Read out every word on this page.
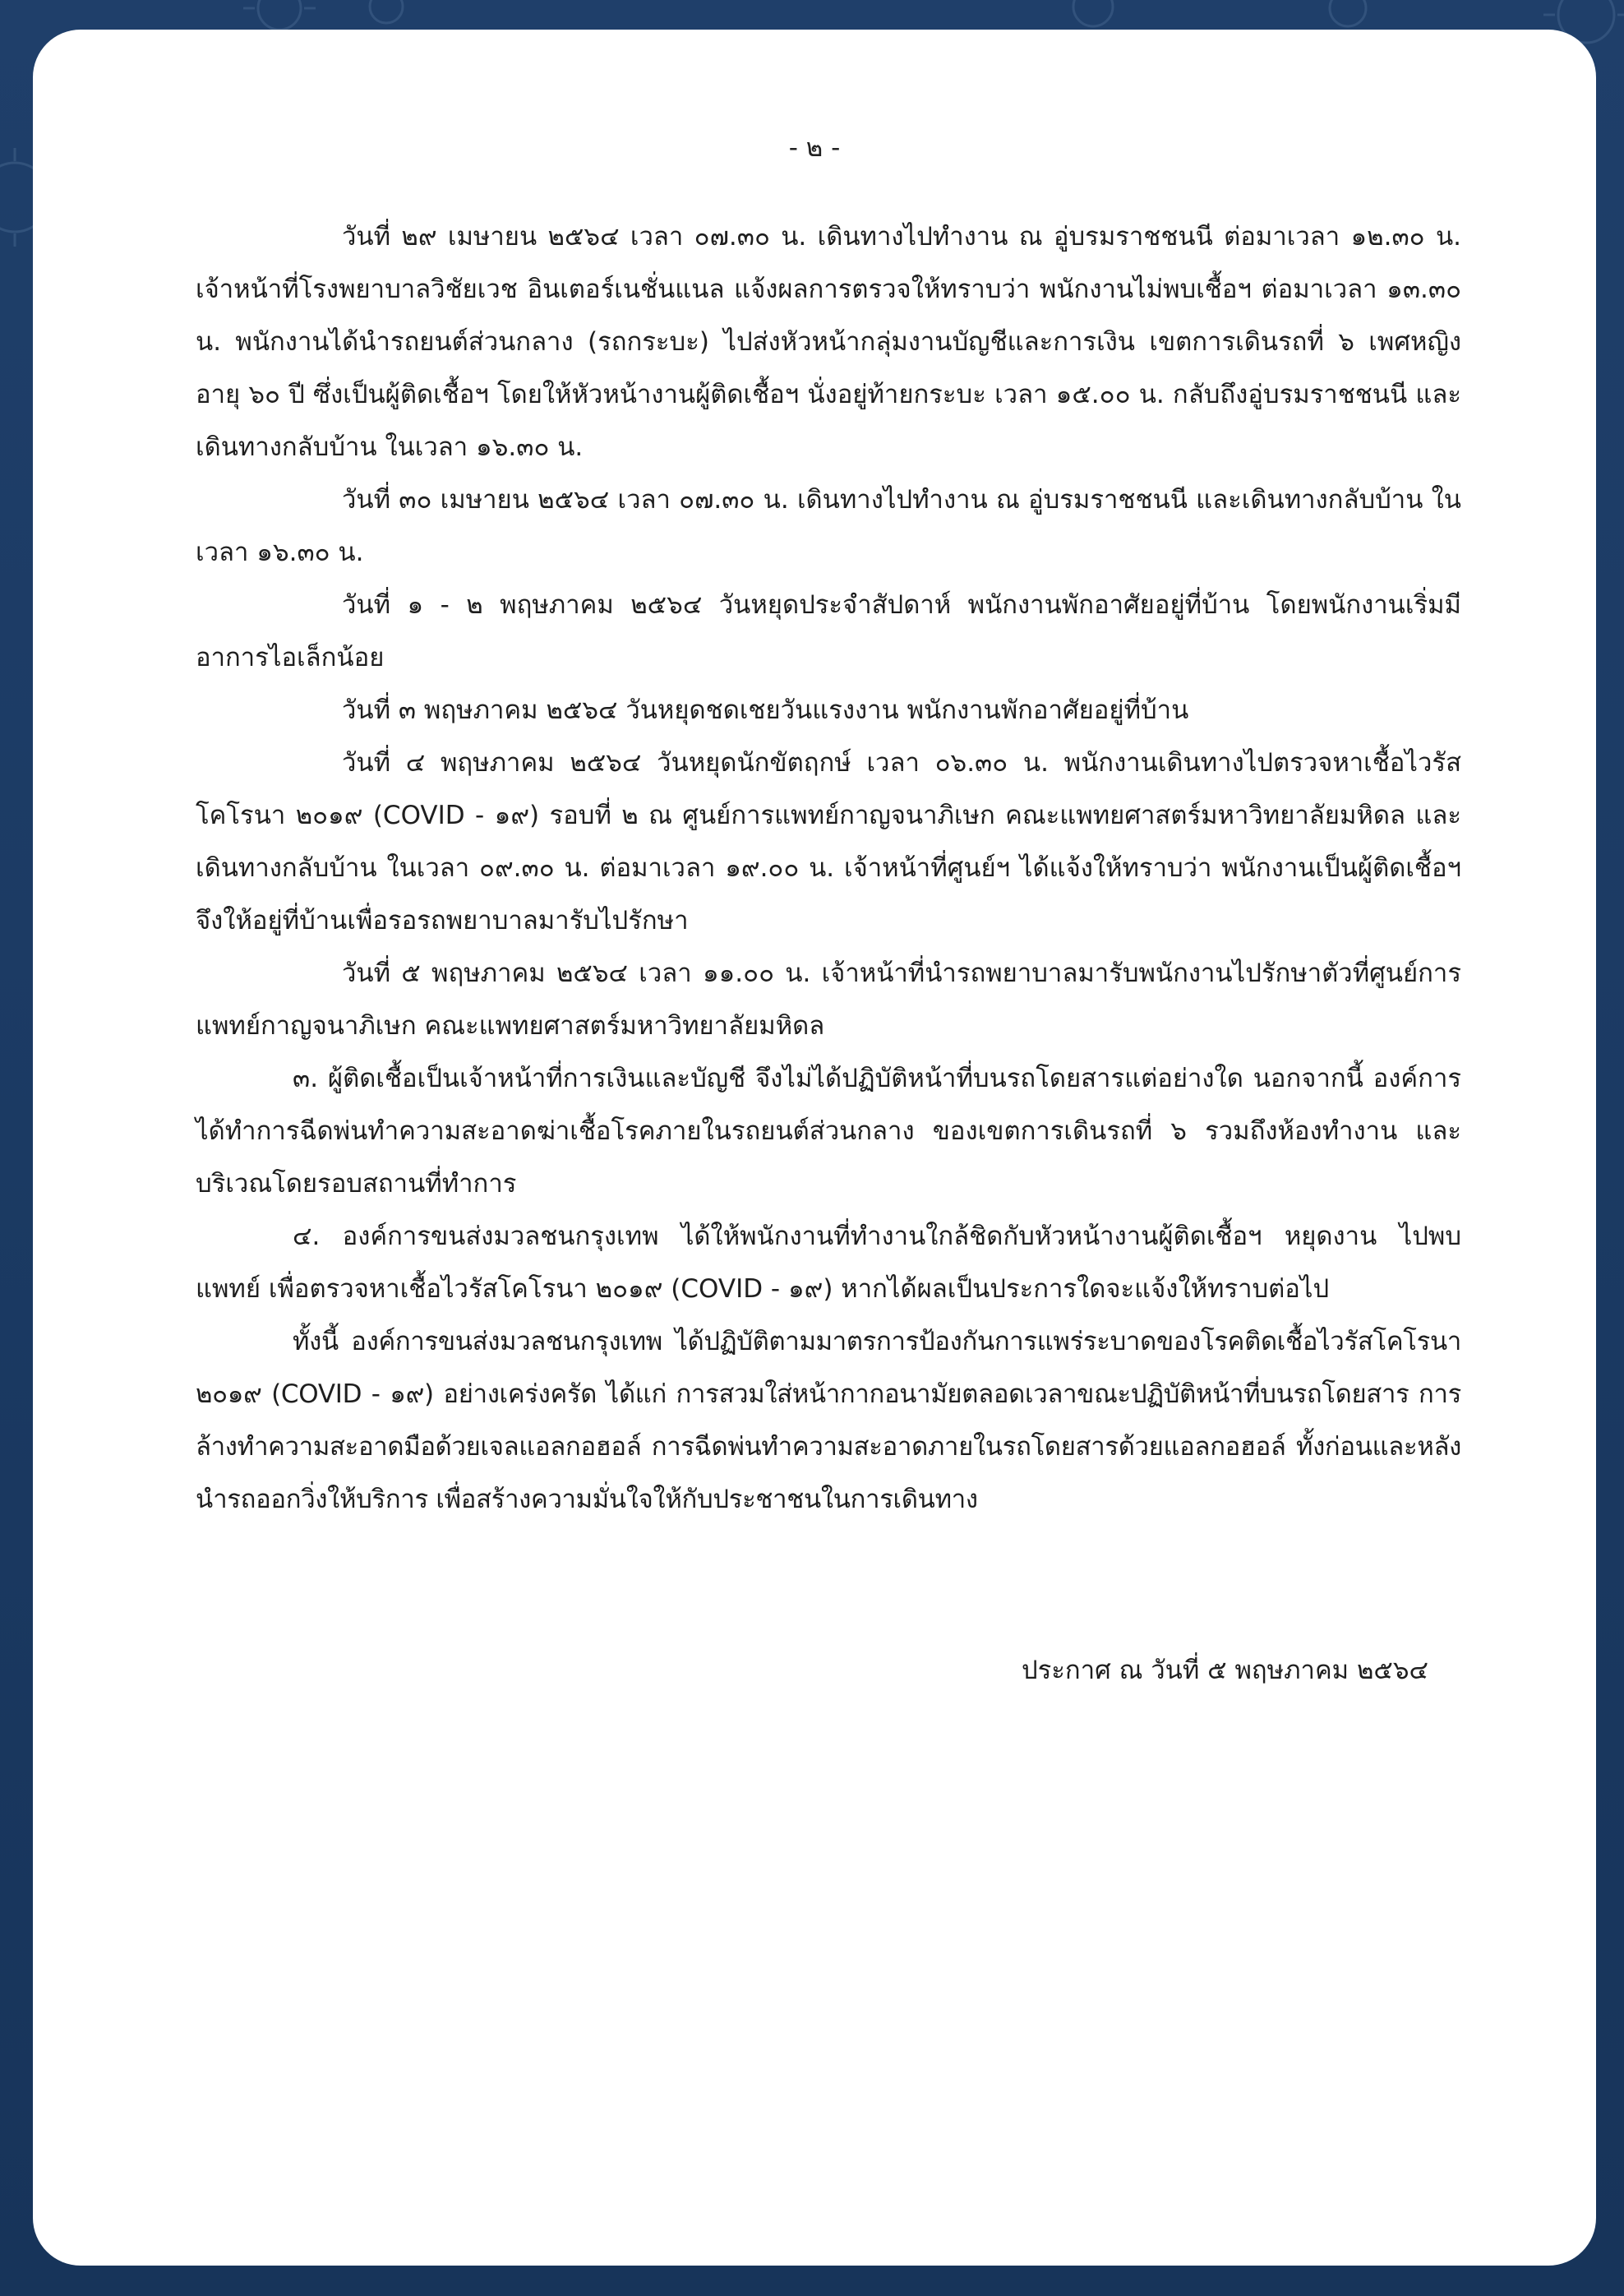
- ๒ -

วันที่ ๒๙ เมษายน ๒๕๖๔ เวลา ๐๗.๓๐ น. เดินทางไปทำงาน ณ อู่บรมราชชนนี ต่อมาเวลา ๑๒.๓๐ น. เจ้าหน้าที่โรงพยาบาลวิชัยเวช อินเตอร์เนชั่นแนล แจ้งผลการตรวจให้ทราบว่า พนักงานไม่พบเชื้อฯ ต่อมาเวลา ๑๓.๓๐ น. พนักงานได้นำรถยนต์ส่วนกลาง (รถกระบะ) ไปส่งหัวหน้ากลุ่มงานบัญชีและการเงิน เขตการเดินรถที่ ๖ เพศหญิง อายุ ๖๐ ปี ซึ่งเป็นผู้ติดเชื้อฯ โดยให้หัวหน้างานผู้ติดเชื้อฯ นั่งอยู่ท้ายกระบะ เวลา ๑๕.๐๐ น. กลับถึงอู่บรมราชชนนี และเดินทางกลับบ้าน ในเวลา ๑๖.๓๐ น.

วันที่ ๓๐ เมษายน ๒๕๖๔ เวลา ๐๗.๓๐ น. เดินทางไปทำงาน ณ อู่บรมราชชนนี และเดินทางกลับบ้าน ในเวลา ๑๖.๓๐ น.

วันที่ ๑ - ๒ พฤษภาคม ๒๕๖๔ วันหยุดประจำสัปดาห์ พนักงานพักอาศัยอยู่ที่บ้าน โดยพนักงานเริ่มมีอาการไอเล็กน้อย

วันที่ ๓ พฤษภาคม ๒๕๖๔ วันหยุดชดเชยวันแรงงาน พนักงานพักอาศัยอยู่ที่บ้าน

วันที่ ๔ พฤษภาคม ๒๕๖๔ วันหยุดนักขัตฤกษ์ เวลา ๐๖.๓๐ น. พนักงานเดินทางไปตรวจหาเชื้อไวรัสโคโรนา ๒๐๑๙ (COVID - ๑๙) รอบที่ ๒ ณ ศูนย์การแพทย์กาญจนาภิเษก คณะแพทยศาสตร์มหาวิทยาลัยมหิดล และเดินทางกลับบ้าน ในเวลา ๐๙.๓๐ น. ต่อมาเวลา ๑๙.๐๐ น. เจ้าหน้าที่ศูนย์ฯ ได้แจ้งให้ทราบว่า พนักงานเป็นผู้ติดเชื้อฯ จึงให้อยู่ที่บ้านเพื่อรอรถพยาบาลมารับไปรักษา

วันที่ ๕ พฤษภาคม ๒๕๖๔ เวลา ๑๑.๐๐ น. เจ้าหน้าที่นำรถพยาบาลมารับพนักงานไปรักษาตัวที่ศูนย์การแพทย์กาญจนาภิเษก คณะแพทยศาสตร์มหาวิทยาลัยมหิดล

๓. ผู้ติดเชื้อเป็นเจ้าหน้าที่การเงินและบัญชี จึงไม่ได้ปฏิบัติหน้าที่บนรถโดยสารแต่อย่างใด นอกจากนี้ องค์การได้ทำการฉีดพ่นทำความสะอาดฆ่าเชื้อโรคภายในรถยนต์ส่วนกลาง ของเขตการเดินรถที่ ๖ รวมถึงห้องทำงาน และบริเวณโดยรอบสถานที่ทำการ

๔. องค์การขนส่งมวลชนกรุงเทพ ได้ให้พนักงานที่ทำงานใกล้ชิดกับหัวหน้างานผู้ติดเชื้อฯ หยุดงาน ไปพบแพทย์ เพื่อตรวจหาเชื้อไวรัสโคโรนา ๒๐๑๙ (COVID - ๑๙) หากได้ผลเป็นประการใดจะแจ้งให้ทราบต่อไป

ทั้งนี้ องค์การขนส่งมวลชนกรุงเทพ ได้ปฏิบัติตามมาตรการป้องกันการแพร่ระบาดของโรคติดเชื้อไวรัสโคโรนา ๒๐๑๙ (COVID - ๑๙) อย่างเคร่งครัด ได้แก่ การสวมใส่หน้ากากอนามัยตลอดเวลาขณะปฏิบัติหน้าที่บนรถโดยสาร การล้างทำความสะอาดมือด้วยเจลแอลกอฮอล์ การฉีดพ่นทำความสะอาดภายในรถโดยสารด้วยแอลกอฮอล์ ทั้งก่อนและหลังนำรถออกวิ่งให้บริการ เพื่อสร้างความมั่นใจให้กับประชาชนในการเดินทาง

ประกาศ ณ วันที่ ๕ พฤษภาคม ๒๕๖๔
